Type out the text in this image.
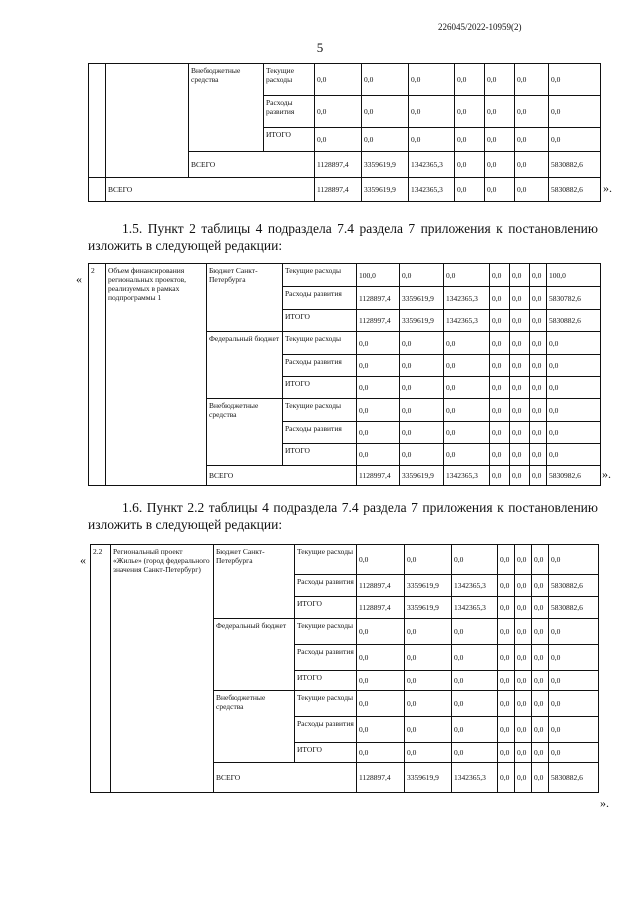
226045/2022-10959(2)
5
		Внебюджетные средства	Текущие расходы	0,0	0,0	0,0	0,0	0,0	0,0	0,0
			Расходы развития	0,0	0,0	0,0	0,0	0,0	0,0	0,0
			ИТОГО	0,0	0,0	0,0	0,0	0,0	0,0	0,0
		ВСЕГО		1128897,4	3359619,9	1342365,3	0,0	0,0	0,0	5830882,6
	ВСЕГО			1128897,4	3359619,9	1342365,3	0,0	0,0	0,0	5830882,6 ».
1.5. Пункт 2 таблицы 4 подраздела 7.4 раздела 7 приложения к постановлению изложить в следующей редакции:
«
2	Объем финансирования региональных проектов, реализуемых в рамках подпрограммы 1	Бюджет Санкт-Петербурга	Текущие расходы	100,0	0,0	0,0	0,0	0,0	0,0	100,0
			Расходы развития	1128897,4	3359619,9	1342365,3	0,0	0,0	0,0	5830782,6
			ИТОГО	1128997,4	3359619,9	1342365,3	0,0	0,0	0,0	5830882,6
		Федеральный бюджет	Текущие расходы	0,0	0,0	0,0	0,0	0,0	0,0	0,0
			Расходы развития	0,0	0,0	0,0	0,0	0,0	0,0	0,0
			ИТОГО	0,0	0,0	0,0	0,0	0,0	0,0	0,0
		Внебюджетные средства	Текущие расходы	0,0	0,0	0,0	0,0	0,0	0,0	0,0
			Расходы развития	0,0	0,0	0,0	0,0	0,0	0,0	0,0
			ИТОГО	0,0	0,0	0,0	0,0	0,0	0,0	0,0
		ВСЕГО		1128997,4	3359619,9	1342365,3	0,0	0,0	0,0	5830982,6 ».
1.6. Пункт 2.2 таблицы 4 подраздела 7.4 раздела 7 приложения к постановлению изложить в следующей редакции:
«
2.2	Региональный проект «Жилье» (город федерального значения Санкт-Петербург)	Бюджет Санкт-Петербурга	Текущие расходы	0,0	0,0	0,0	0,0	0,0	0,0	0,0
			Расходы развития	1128897,4	3359619,9	1342365,3	0,0	0,0	0,0	5830882,6
			ИТОГО	1128897,4	3359619,9	1342365,3	0,0	0,0	0,0	5830882,6
		Федеральный бюджет	Текущие расходы	0,0	0,0	0,0	0,0	0,0	0,0	0,0
			Расходы развития	0,0	0,0	0,0	0,0	0,0	0,0	0,0
			ИТОГО	0,0	0,0	0,0	0,0	0,0	0,0	0,0
		Внебюджетные средства	Текущие расходы	0,0	0,0	0,0	0,0	0,0	0,0	0,0
			Расходы развития	0,0	0,0	0,0	0,0	0,0	0,0	0,0
			ИТОГО	0,0	0,0	0,0	0,0	0,0	0,0	0,0
		ВСЕГО		1128897,4	3359619,9	1342365,3	0,0	0,0	0,0	5830882,6
».
